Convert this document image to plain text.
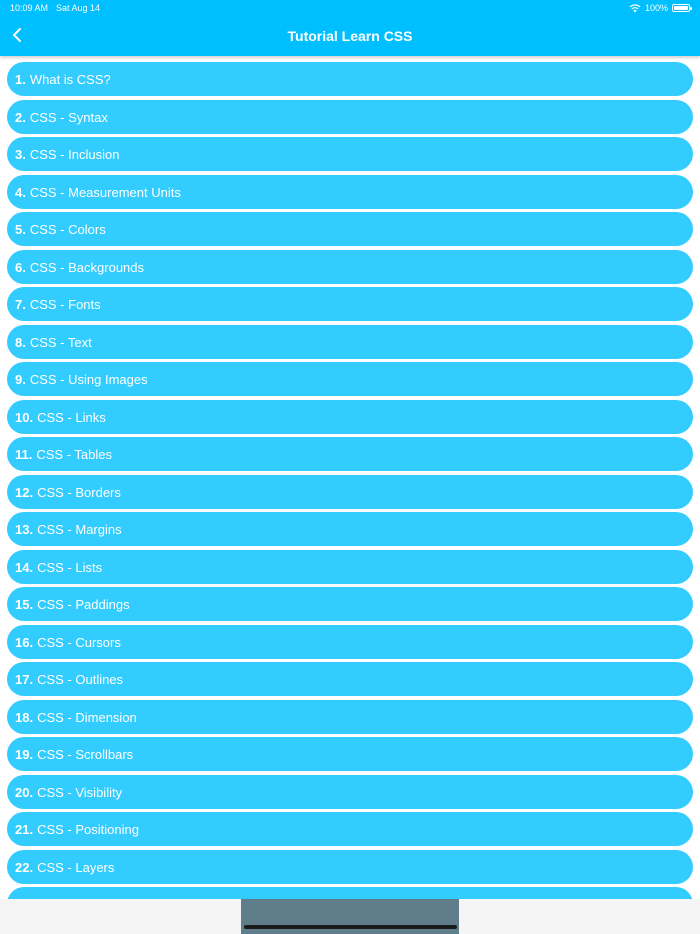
10:09 AM Sat Aug 14	100%
Tutorial Learn CSS
1. What is CSS?
2. CSS - Syntax
3. CSS - Inclusion
4. CSS - Measurement Units
5. CSS - Colors
6. CSS - Backgrounds
7. CSS - Fonts
8. CSS - Text
9. CSS - Using Images
10. CSS - Links
11. CSS - Tables
12. CSS - Borders
13. CSS - Margins
14. CSS - Lists
15. CSS - Paddings
16. CSS - Cursors
17. CSS - Outlines
18. CSS - Dimension
19. CSS - Scrollbars
20. CSS - Visibility
21. CSS - Positioning
22. CSS - Layers
